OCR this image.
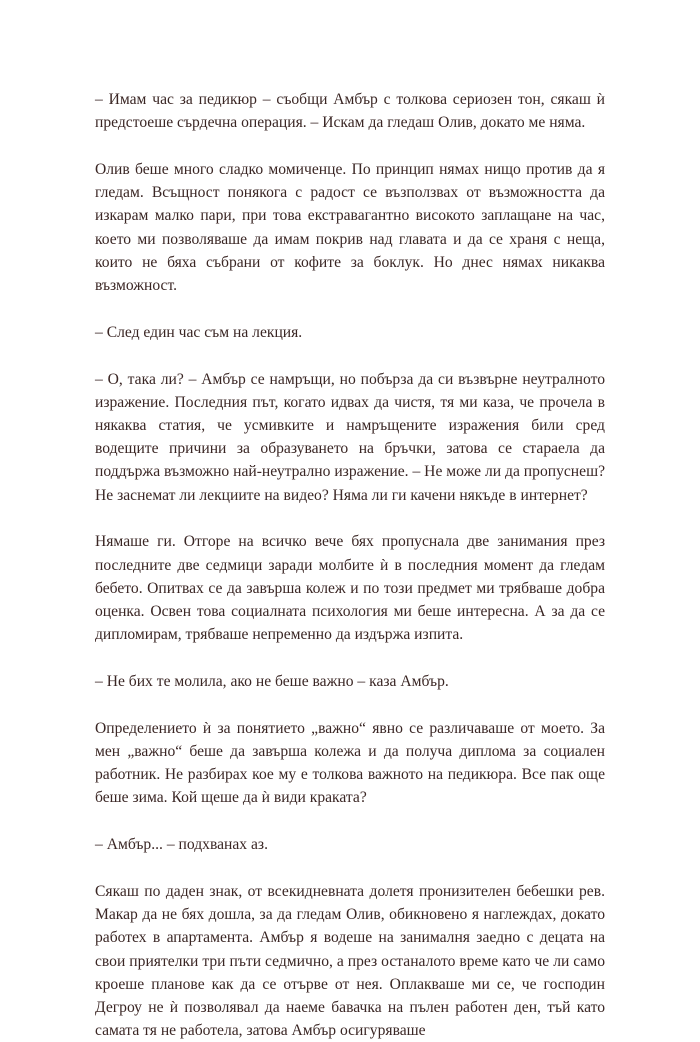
– Имам час за педикюр – съобщи Амбър с толкова сериозен тон, сякаш ѝ предстоеше сърдечна операция. – Искам да гледаш Олив, докато ме няма.

Олив беше много сладко момиченце. По принцип нямах нищо против да я гледам. Всъщност понякога с радост се възползвах от възможността да изкарам малко пари, при това екстравагантно високото заплащане на час, което ми позволяваше да имам покрив над главата и да се храня с неща, които не бяха събрани от кофите за боклук. Но днес нямах никаква възможност.

– След един час съм на лекция.

– О, така ли? – Амбър се намръщи, но побърза да си възвърне неутралното изражение. Последния път, когато идвах да чистя, тя ми каза, че прочела в някаква статия, че усмивките и намръщените изражения били сред водещите причини за образуването на бръчки, затова се стараела да поддържа възможно най-неутрално изражение. – Не може ли да пропуснеш? Не заснемат ли лекциите на видео? Няма ли ги качени някъде в интернет?

Нямаше ги. Отгоре на всичко вече бях пропуснала две занимания през последните две седмици заради молбите ѝ в последния момент да гледам бебето. Опитвах се да завърша колеж и по този предмет ми трябваше добра оценка. Освен това социалната психология ми беше интересна. А за да се дипломирам, трябваше непременно да издържа изпита.

– Не бих те молила, ако не беше важно – каза Амбър.

Определението ѝ за понятието „важно“ явно се различаваше от моето. За мен „важно“ беше да завърша колежа и да получа диплома за социален работник. Не разбирах кое му е толкова важното на педикюра. Все пак още беше зима. Кой щеше да ѝ види краката?

– Амбър... – подхванах аз.

Сякаш по даден знак, от всекидневната долетя пронизителен бебешки рев. Макар да не бях дошла, за да гледам Олив, обикновено я наглеждах, докато работех в апартамента. Амбър я водеше на занималня заедно с децата на свои приятелки три пъти седмично, а през останалото време като че ли само кроеше планове как да се отърве от нея. Оплакваше ми се, че господин Дегроу не ѝ позволявал да наеме бавачка на пълен работен ден, тъй като самата тя не работела, затова Амбър осигуряваше
